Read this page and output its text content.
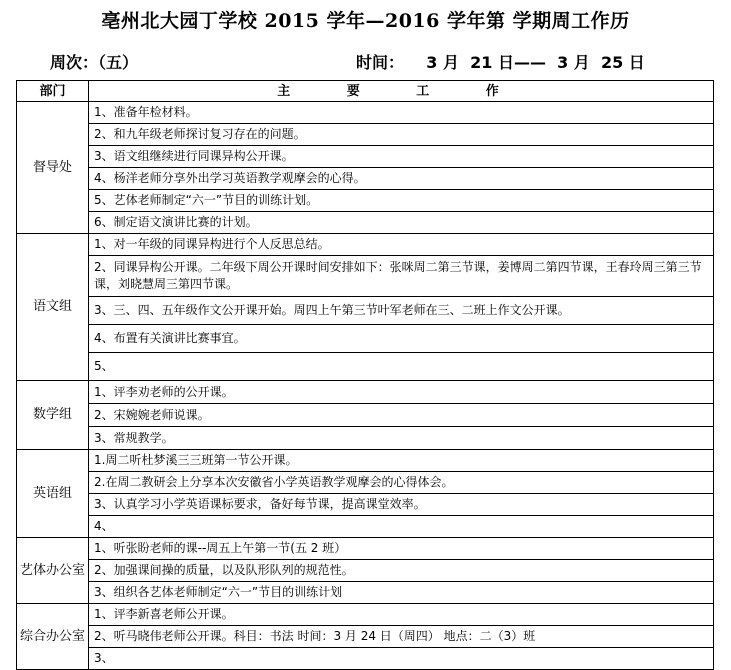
亳州北大园丁学校 2015 学年—2016 学年第 学期周工作历
周次：（五）	时间：    3 月  21 日——  3 月  25 日
部门	主 要 工 作
督导处	1、准备年检材料。
	2、和九年级老师探讨复习存在的问题。
	3、语文组继续进行同课异构公开课。
	4、杨洋老师分享外出学习英语教学观摩会的心得。
	5、艺体老师制定“六一”节目的训练计划。
	6、制定语文演讲比赛的计划。
语文组	1、对一年级的同课异构进行个人反思总结。
	2、同课异构公开课。二年级下周公开课时间安排如下：张咪周二第三节课，姜博周二第四节课，王春玲周三第三节课，刘晓慧周三第四节课。
	3、三、四、五年级作文公开课开始。周四上午第三节叶军老师在三、二班上作文公开课。
	4、布置有关演讲比赛事宜。
	5、
数学组	1、评李劝老师的公开课。
	2、宋婉婉老师说课。
	3、常规教学。
英语组	1.周二听杜梦溪三三班第一节公开课。
	2.在周二教研会上分享本次安徽省小学英语教学观摩会的心得体会。
	3、认真学习小学英语课标要求，备好每节课，提高课堂效率。
	4、
艺体办公室	1、听张盼老师的课--周五上午第一节(五 2 班）
	2、加强课间操的质量，以及队形队列的规范性。
	3、组织各艺体老师制定“六一”节目的训练计划
综合办公室	1、评李新喜老师公开课。
	2、听马晓伟老师公开课。科目：书法 时间：3 月 24 日（周四） 地点：二（3）班
	3、
